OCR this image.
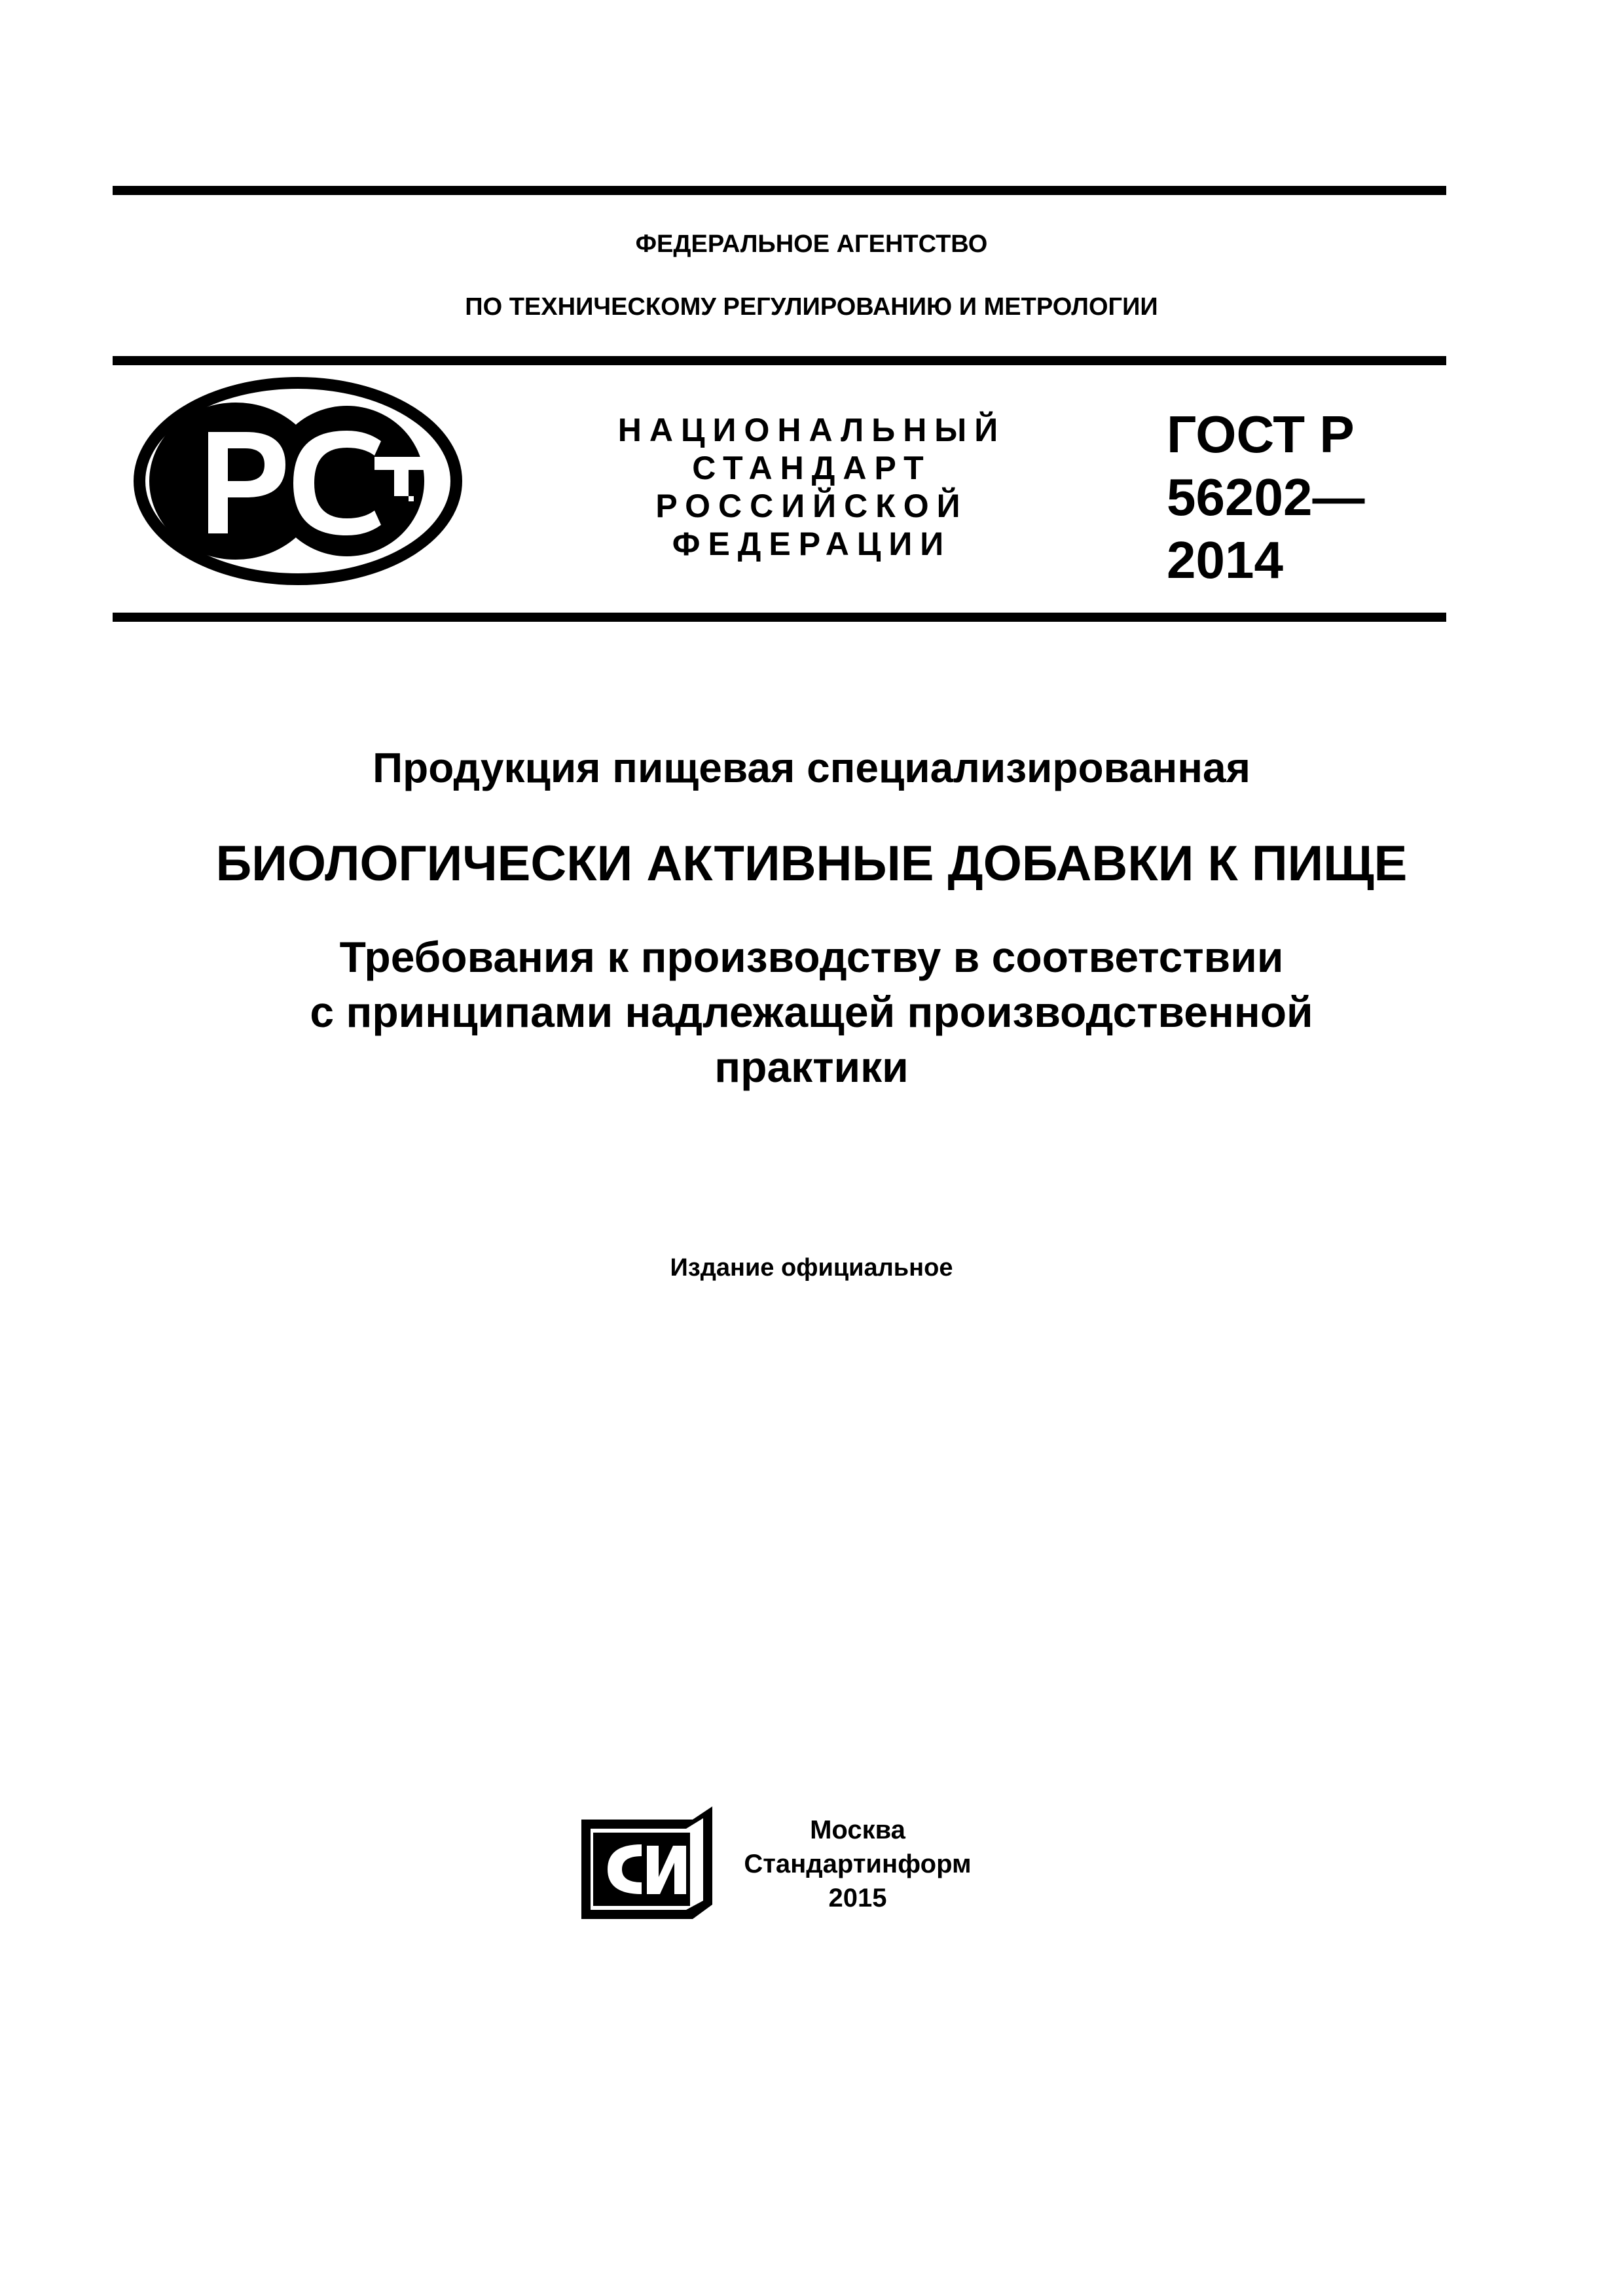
ФЕДЕРАЛЬНОЕ АГЕНТСТВО
ПО ТЕХНИЧЕСКОМУ РЕГУЛИРОВАНИЮ И МЕТРОЛОГИИ
НАЦИОНАЛЬНЫЙ
СТАНДАРТ
РОССИЙСКОЙ
ФЕДЕРАЦИИ
ГОСТ Р
56202—
2014
Продукция пищевая специализированная
БИОЛОГИЧЕСКИ АКТИВНЫЕ ДОБАВКИ К ПИЩЕ
Требования к производству в соответствии
с принципами надлежащей производственной
практики
Издание официальное
Москва
Стандартинформ
2015
